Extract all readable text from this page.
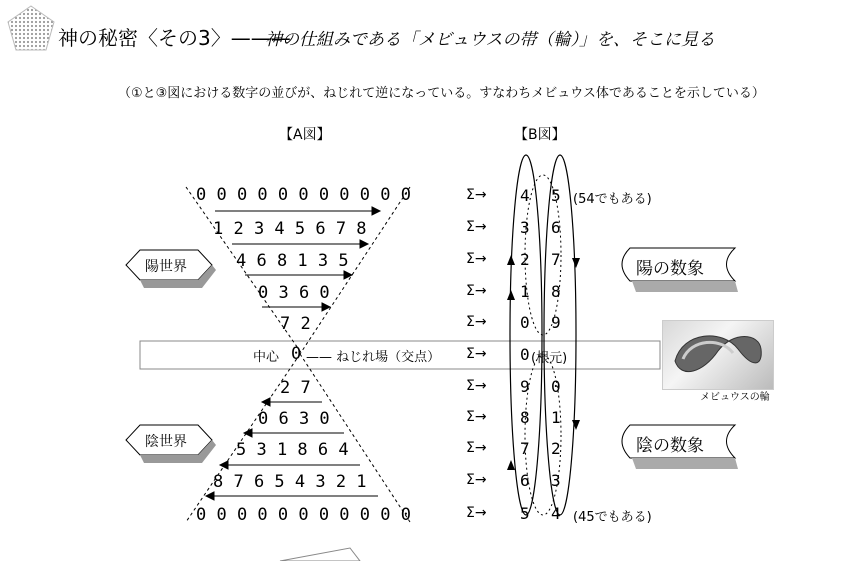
神の秘密〈その3〉———
神の仕組みである「メビュウスの帯（輪）」を、そこに見る
（①と③図における数字の並びが、ねじれて逆になっている。すなわちメビュウス体であることを示している）
【A図】	【B図】
0 0 0 0 0 0 0 0 0 0 0
1 2 3 4 5 6 7 8
4 6 8 1 3 5
0 3 6 0
7 2
2 7
0 6 3 0
5 3 1 8 6 4
8 7 6 5 4 3 2 1
0 0 0 0 0 0 0 0 0 0 0
中心 0 —— ねじれ場（交点）
陽世界
陰世界
Σ→
Σ→
Σ→
Σ→
Σ→
Σ→
Σ→
Σ→
Σ→
Σ→
Σ→
4
3
2
1
0
9
8
7
6
5
5
6
7
8
9
0
1
2
3
4
0 (根元)
(54でもある)
(45でもある)
陽の数象
陰の数象
メビュウスの輪
